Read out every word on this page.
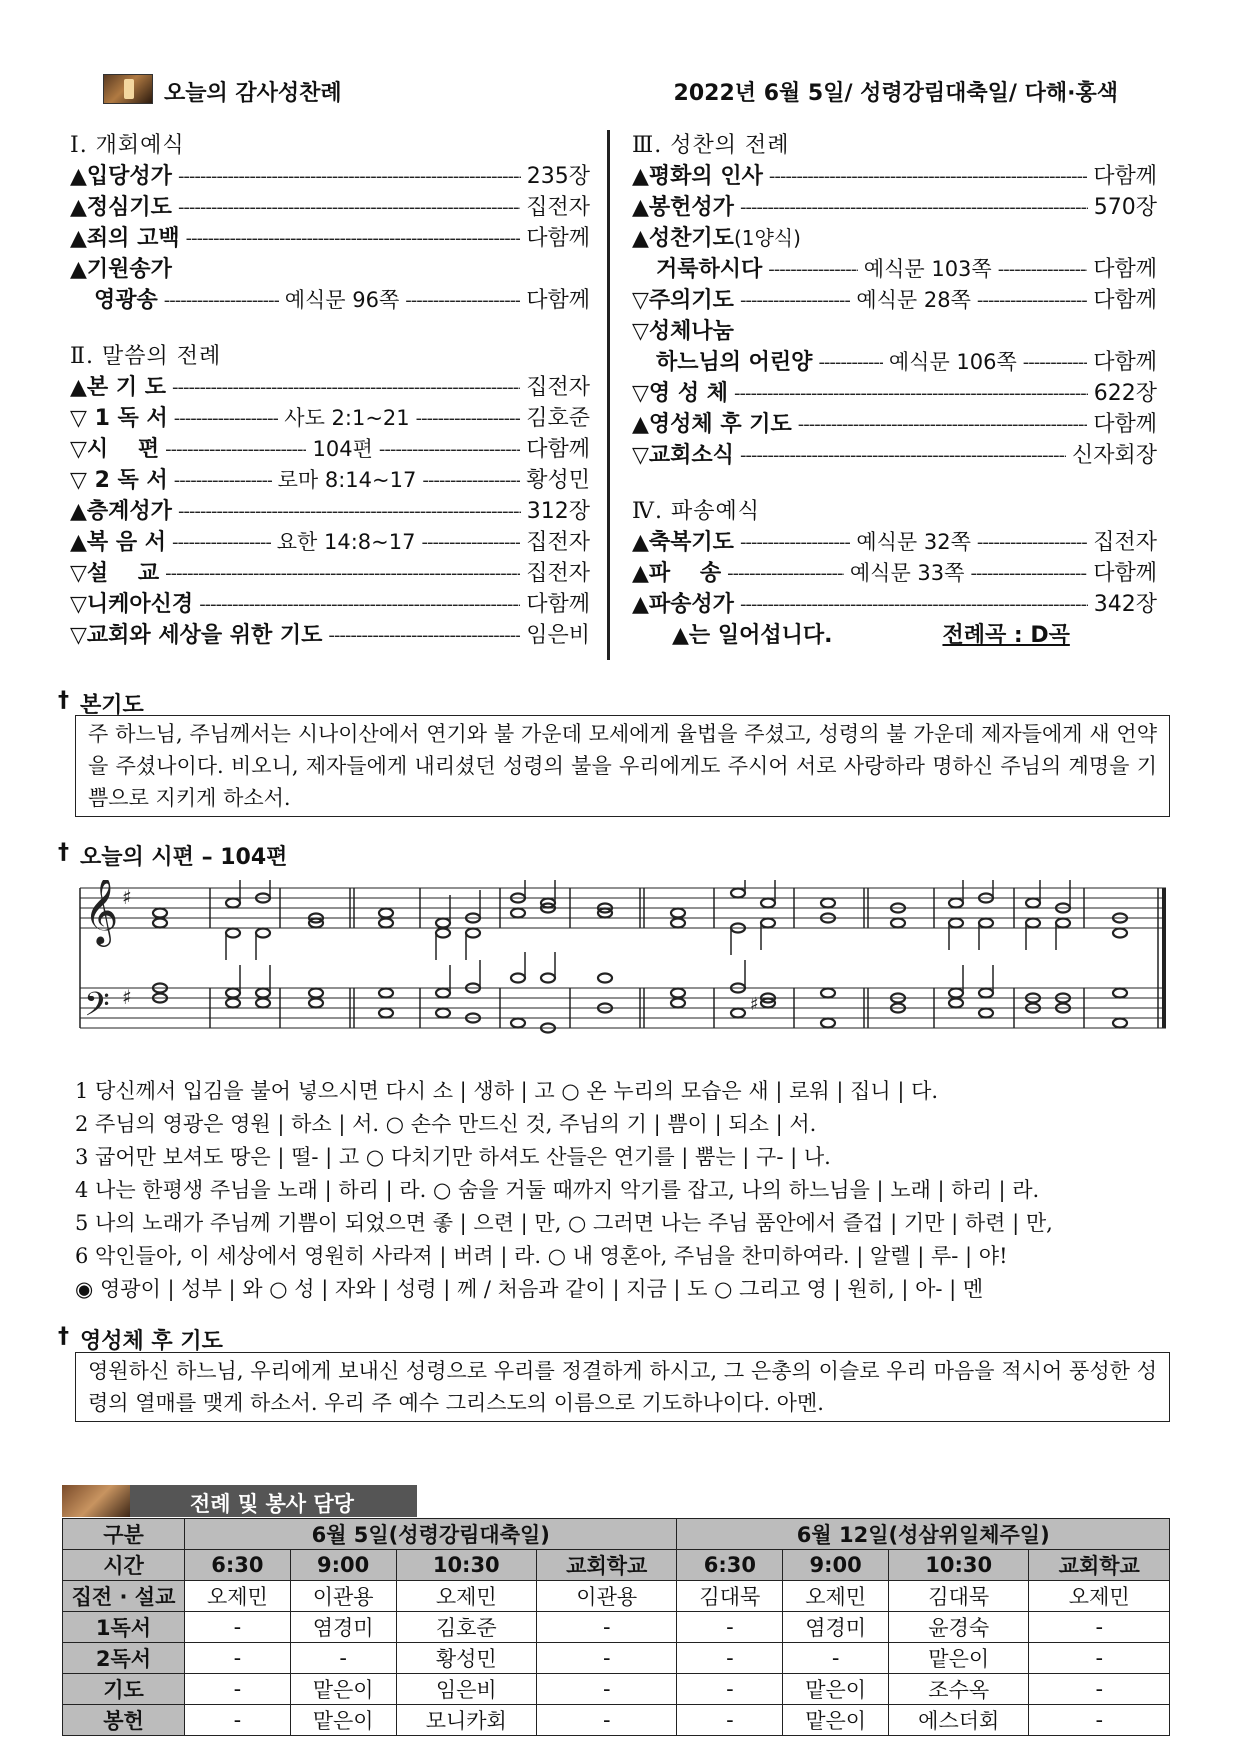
오늘의 감사성찬례	2022년 6월 5일/ 성령강림대축일/ 다해·홍색
Ⅰ. 개회예식
▲입당성가 -----	235장
▲정심기도 -----	집전자
▲죄의 고백 -----	다함께
▲기원송가
영광송 -----	예식문 96쪽 -----	다함께
Ⅱ. 말씀의 전례
▲본 기 도 -----	집전자
▽ 1 독 서 -----	사도 2:1~21 -----	김호준
▽시　 편 -----	104편 -----	다함께
▽ 2 독 서 -----	로마 8:14~17 -----	황성민
▲층계성가 -----	312장
▲복 음 서 -----	요한 14:8~17 -----	집전자
▽설　 교 -----	집전자
▽니케아신경 -----	다함께
▽교회와 세상을 위한 기도 -----	임은비
Ⅲ. 성찬의 전례
▲평화의 인사 -----	다함께
▲봉헌성가 -----	570장
▲성찬기도(1양식)
거룩하시다 -----	예식문 103쪽 -----	다함께
▽주의기도 -----	예식문 28쪽 -----	다함께
▽성체나눔
하느님의 어린양 -----	예식문 106쪽 -----	다함께
▽영 성 체 -----	622장
▲영성체 후 기도 -----	다함께
▽교회소식 -----	신자회장
Ⅳ. 파송예식
▲축복기도 -----	예식문 32쪽 -----	집전자
▲파　 송 -----	예식문 33쪽 -----	다함께
▲파송성가 -----	342장
▲는 일어섭니다.	전례곡 : D곡
† 본기도
주 하느님, 주님께서는 시나이산에서 연기와 불 가운데 모세에게 율법을 주셨고, 성령의 불 가운데 제자들에게 새 언약을 주셨나이다. 비오니, 제자들에게 내리셨던 성령의 불을 우리에게도 주시어 서로 사랑하라 명하신 주님의 계명을 기쁨으로 지키게 하소서.
† 오늘의 시편 – 104편
𝄞
𝄢
♯
♯	♯
1 당신께서 입김을 불어 넣으시면 다시 소 | 생하 | 고 ○ 온 누리의 모습은 새 | 로워 | 집니 | 다.
2 주님의 영광은 영원 | 하소 | 서. ○ 손수 만드신 것, 주님의 기 | 쁨이 | 되소 | 서.
3 굽어만 보셔도 땅은 | 떨- | 고 ○ 다치기만 하셔도 산들은 연기를 | 뿜는 | 구- | 나.
4 나는 한평생 주님을 노래 | 하리 | 라. ○ 숨을 거둘 때까지 악기를 잡고, 나의 하느님을 | 노래 | 하리 | 라.
5 나의 노래가 주님께 기쁨이 되었으면 좋 | 으련 | 만, ○ 그러면 나는 주님 품안에서 즐겁 | 기만 | 하련 | 만,
6 악인들아, 이 세상에서 영원히 사라져 | 버려 | 라. ○ 내 영혼아, 주님을 찬미하여라. | 알렐 | 루- | 야!
◉ 영광이 | 성부 | 와 ○ 성 | 자와 | 성령 | 께 / 처음과 같이 | 지금 | 도 ○ 그리고 영 | 원히, | 아- | 멘
† 영성체 후 기도
영원하신 하느님, 우리에게 보내신 성령으로 우리를 정결하게 하시고, 그 은총의 이슬로 우리 마음을 적시어 풍성한 성령의 열매를 맺게 하소서. 우리 주 예수 그리스도의 이름으로 기도하나이다. 아멘.
전례 및 봉사 담당
구분	6월 5일(성령강림대축일)				6월 12일(성삼위일체주일)			
시간	6:30	9:00	10:30	교회학교	6:30	9:00	10:30	교회학교
집전 · 설교	오제민	이관용	오제민	이관용	김대묵	오제민	김대묵	오제민
1독서	-	염경미	김호준	-	-	염경미	윤경숙	-
2독서	-	-	황성민	-	-	-	맡은이	-
기도	-	맡은이	임은비	-	-	맡은이	조수옥	-
봉헌	-	맡은이	모니카회	-	-	맡은이	에스더회	-
